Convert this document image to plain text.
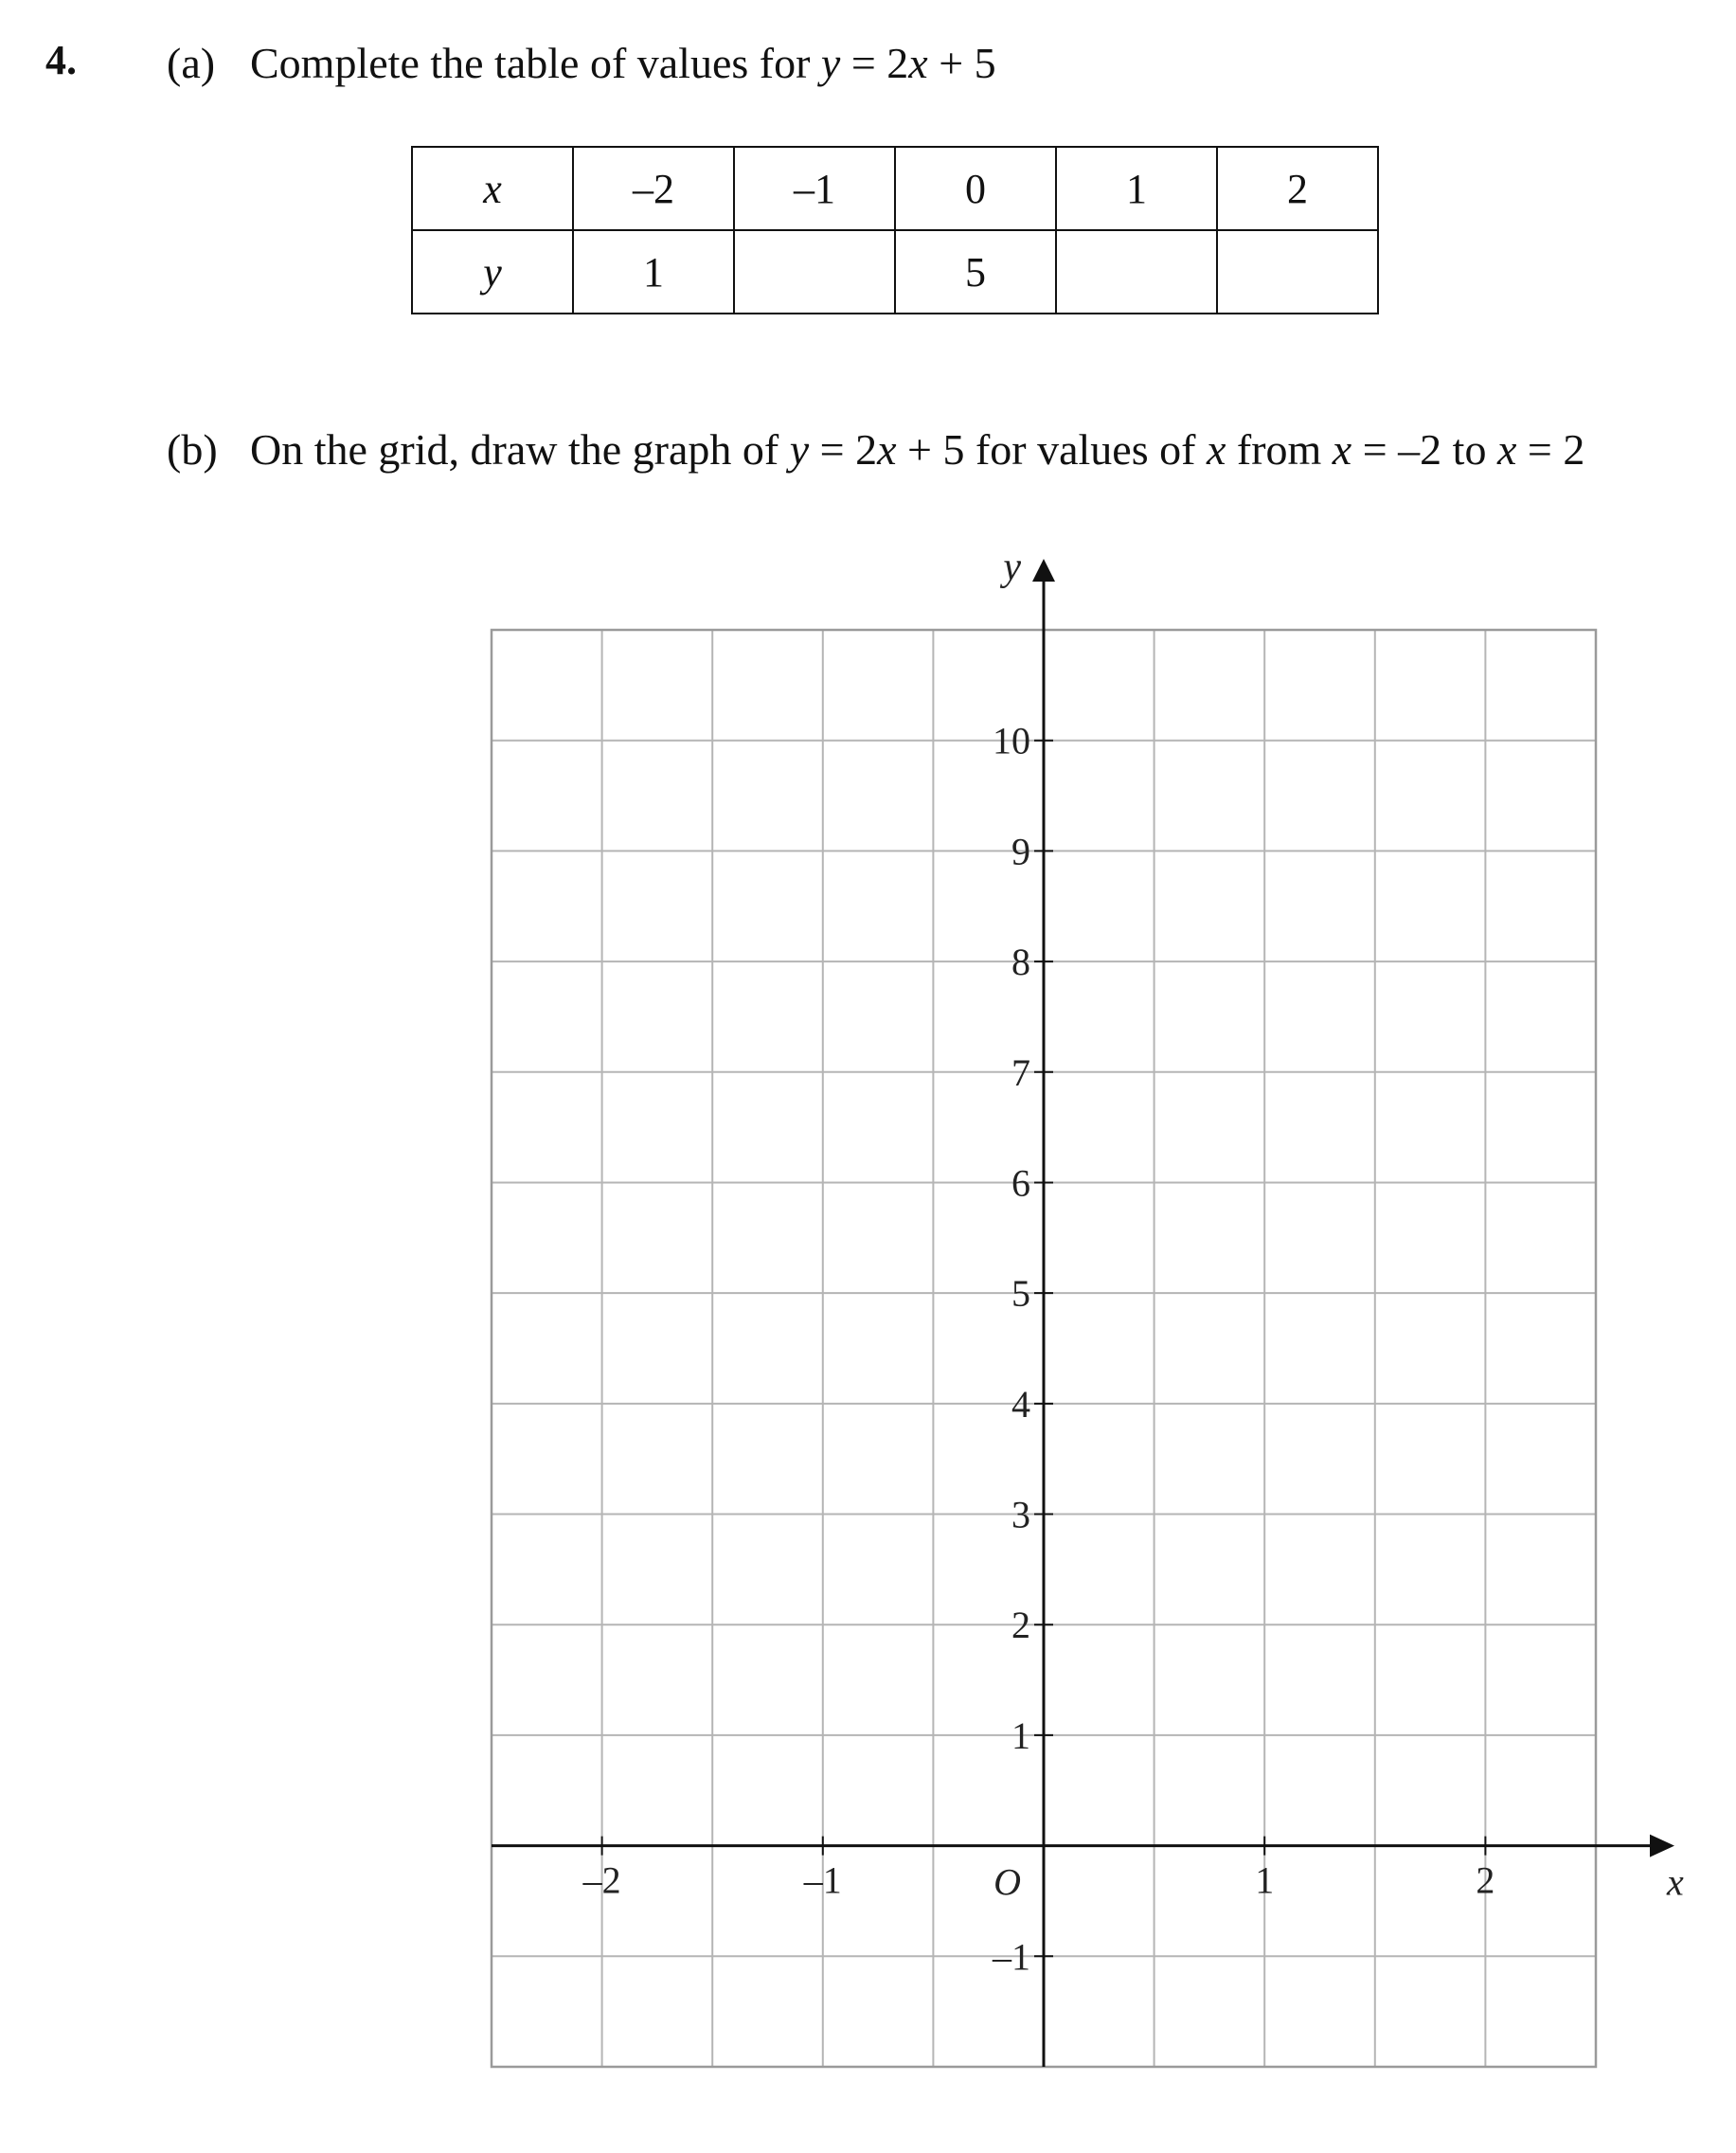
4. (a) Complete the table of values for y = 2x + 5
x	–2	–1	0	1	2
y	1		5		
(b) On the grid, draw the graph of y = 2x + 5 for values of x from x = –2 to x = 2
10
9
8
7
6
5
4
3
2
1
–1
–2	–1	1	2	x
y
O
